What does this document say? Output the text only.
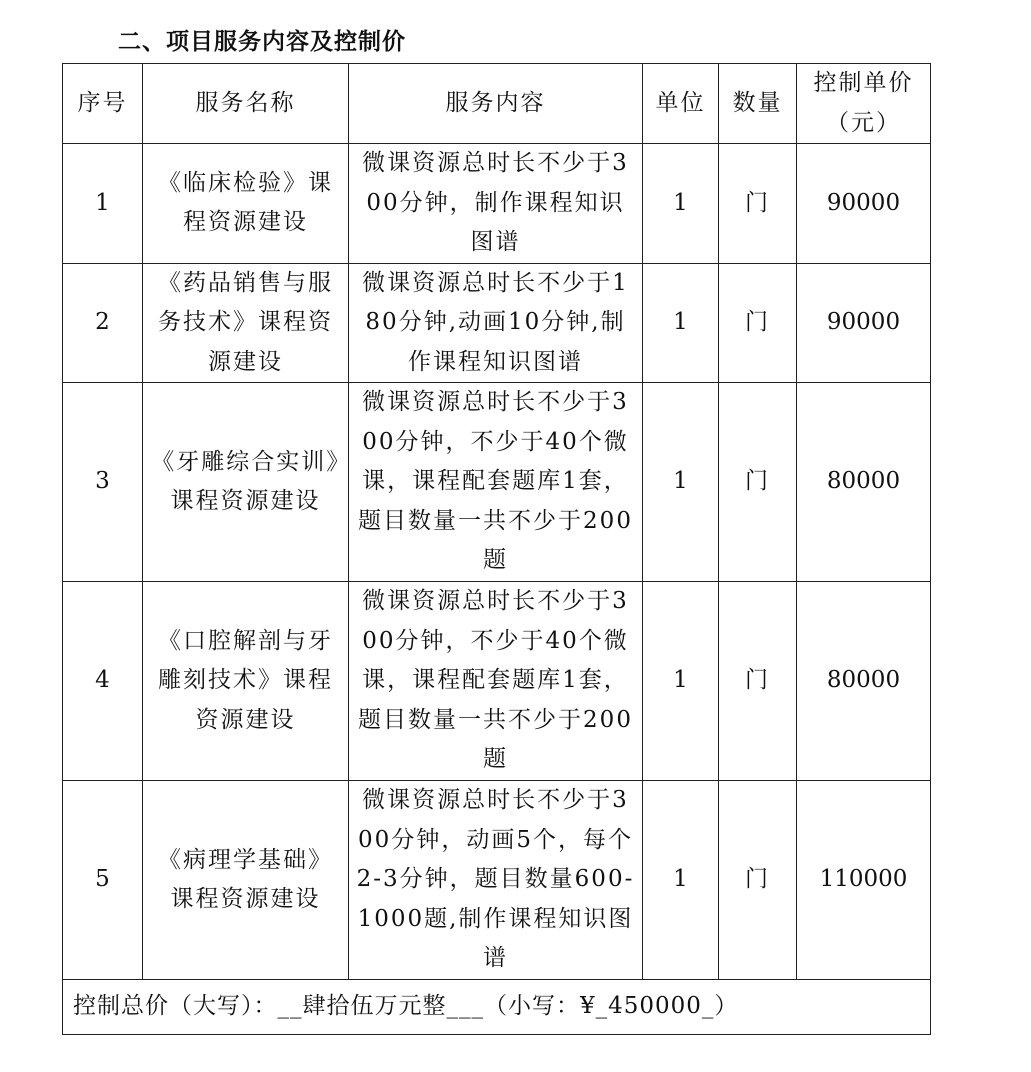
二、项目服务内容及控制价
序号	服务名称	服务内容	单位	数量	控制单价（元）
1	《临床检验》课程资源建设	微课资源总时长不少于300分钟，制作课程知识图谱	1	门	90000
2	《药品销售与服务技术》课程资源建设	微课资源总时长不少于180分钟,动画10分钟,制作课程知识图谱	1	门	90000
3	《牙雕综合实训》课程资源建设	微课资源总时长不少于300分钟，不少于40个微课，课程配套题库1套，题目数量一共不少于200题	1	门	80000
4	《口腔解剖与牙雕刻技术》课程资源建设	微课资源总时长不少于300分钟，不少于40个微课，课程配套题库1套，题目数量一共不少于200题	1	门	80000
5	《病理学基础》课程资源建设	微课资源总时长不少于300分钟，动画5个，每个2-3分钟，题目数量600-1000题,制作课程知识图谱	1	门	110000
控制总价（大写）：__肆拾伍万元整___（小写：¥_450000_）					
